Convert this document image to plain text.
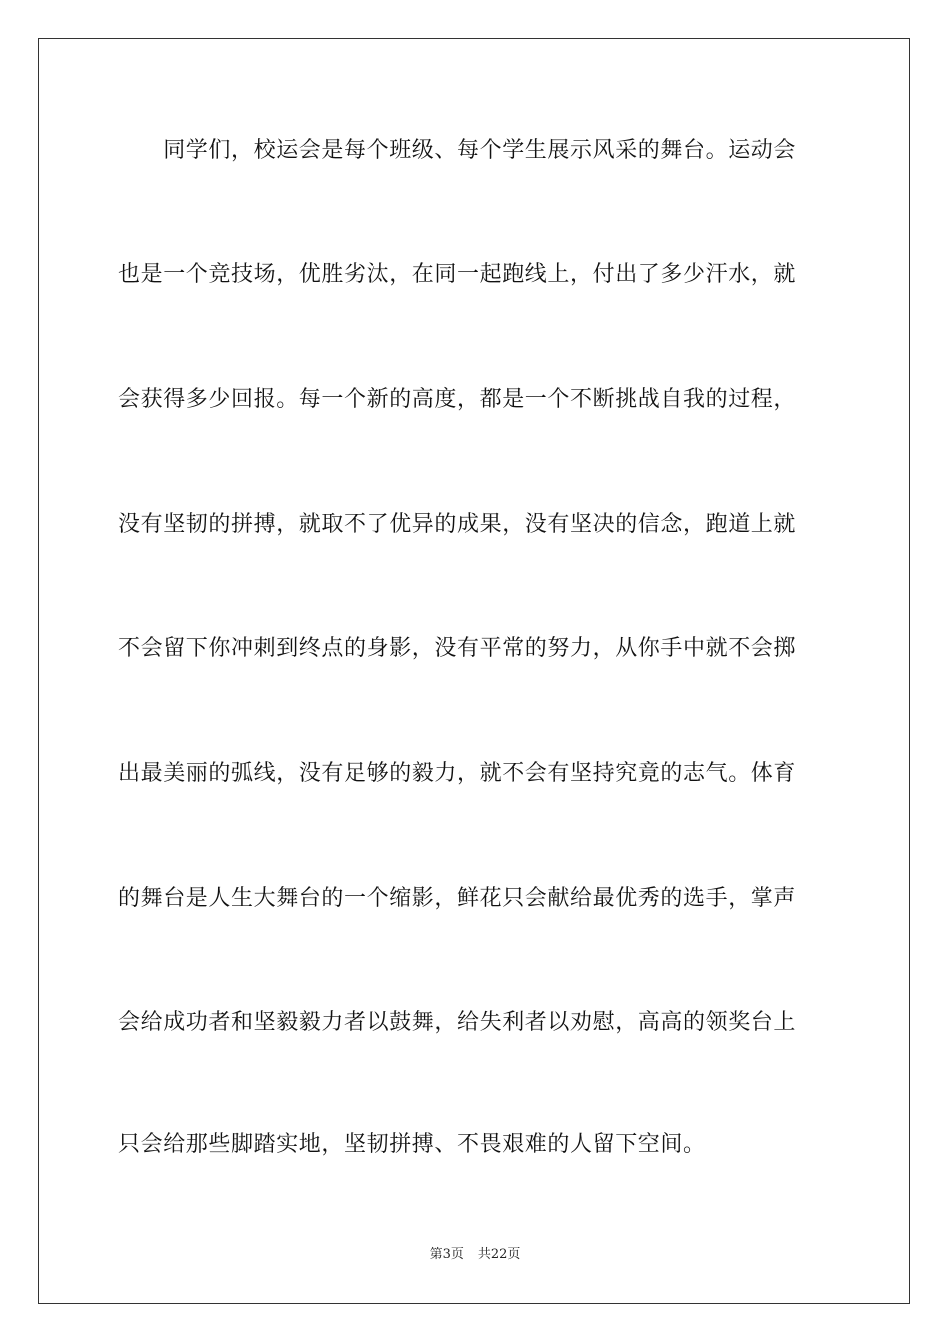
　　同学们，校运会是每个班级、每个学生展示风采的舞台。运动会
也是一个竞技场，优胜劣汰，在同一起跑线上，付出了多少汗水，就
会获得多少回报。每一个新的高度，都是一个不断挑战自我的过程，
没有坚韧的拼搏，就取不了优异的成果，没有坚决的信念，跑道上就
不会留下你冲刺到终点的身影，没有平常的努力，从你手中就不会掷
出最美丽的弧线，没有足够的毅力，就不会有坚持究竟的志气。体育
的舞台是人生大舞台的一个缩影，鲜花只会献给最优秀的选手，掌声
会给成功者和坚毅毅力者以鼓舞，给失利者以劝慰，高高的领奖台上
只会给那些脚踏实地，坚韧拼搏、不畏艰难的人留下空间。
第3页 共22页
